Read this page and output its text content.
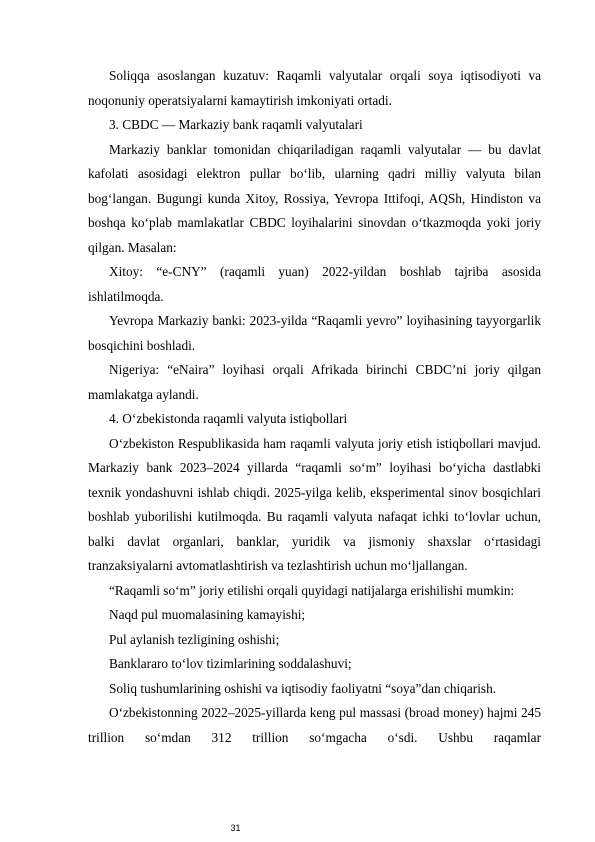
Soliqqa asoslangan kuzatuv: Raqamli valyutalar orqali soya iqtisodiyoti va noqonuniy operatsiyalarni kamaytirish imkoniyati ortadi.

3. CBDC — Markaziy bank raqamli valyutalari

Markaziy banklar tomonidan chiqariladigan raqamli valyutalar — bu davlat kafolati asosidagi elektron pullar bo‘lib, ularning qadri milliy valyuta bilan bog‘langan. Bugungi kunda Xitoy, Rossiya, Yevropa Ittifoqi, AQSh, Hindiston va boshqa ko‘plab mamlakatlar CBDC loyihalarini sinovdan o‘tkazmoqda yoki joriy qilgan. Masalan:

Xitoy: “e-CNY” (raqamli yuan) 2022-yildan boshlab tajriba asosida ishlatilmoqda.

Yevropa Markaziy banki: 2023-yilda “Raqamli yevro” loyihasining tayyorgarlik bosqichini boshladi.

Nigeriya: “eNaira” loyihasi orqali Afrikada birinchi CBDC’ni joriy qilgan mamlakatga aylandi.

4. O‘zbekistonda raqamli valyuta istiqbollari

O‘zbekiston Respublikasida ham raqamli valyuta joriy etish istiqbollari mavjud. Markaziy bank 2023–2024 yillarda “raqamli so‘m” loyihasi bo‘yicha dastlabki texnik yondashuvni ishlab chiqdi. 2025-yilga kelib, eksperimental sinov bosqichlari boshlab yuborilishi kutilmoqda. Bu raqamli valyuta nafaqat ichki to‘lovlar uchun, balki davlat organlari, banklar, yuridik va jismoniy shaxslar o‘rtasidagi tranzaksiyalarni avtomatlashtirish va tezlashtirish uchun mo‘ljallangan.

“Raqamli so‘m” joriy etilishi orqali quyidagi natijalarga erishilishi mumkin:

Naqd pul muomalasining kamayishi;

Pul aylanish tezligining oshishi;

Banklararo to‘lov tizimlarining soddalashuvi;

Soliq tushumlarining oshishi va iqtisodiy faoliyatni “soya”dan chiqarish.

O‘zbekistonning 2022–2025-yillarda keng pul massasi (broad money) hajmi 245 trillion so‘mdan 312 trillion so‘mgacha o‘sdi. Ushbu raqamlar

31
